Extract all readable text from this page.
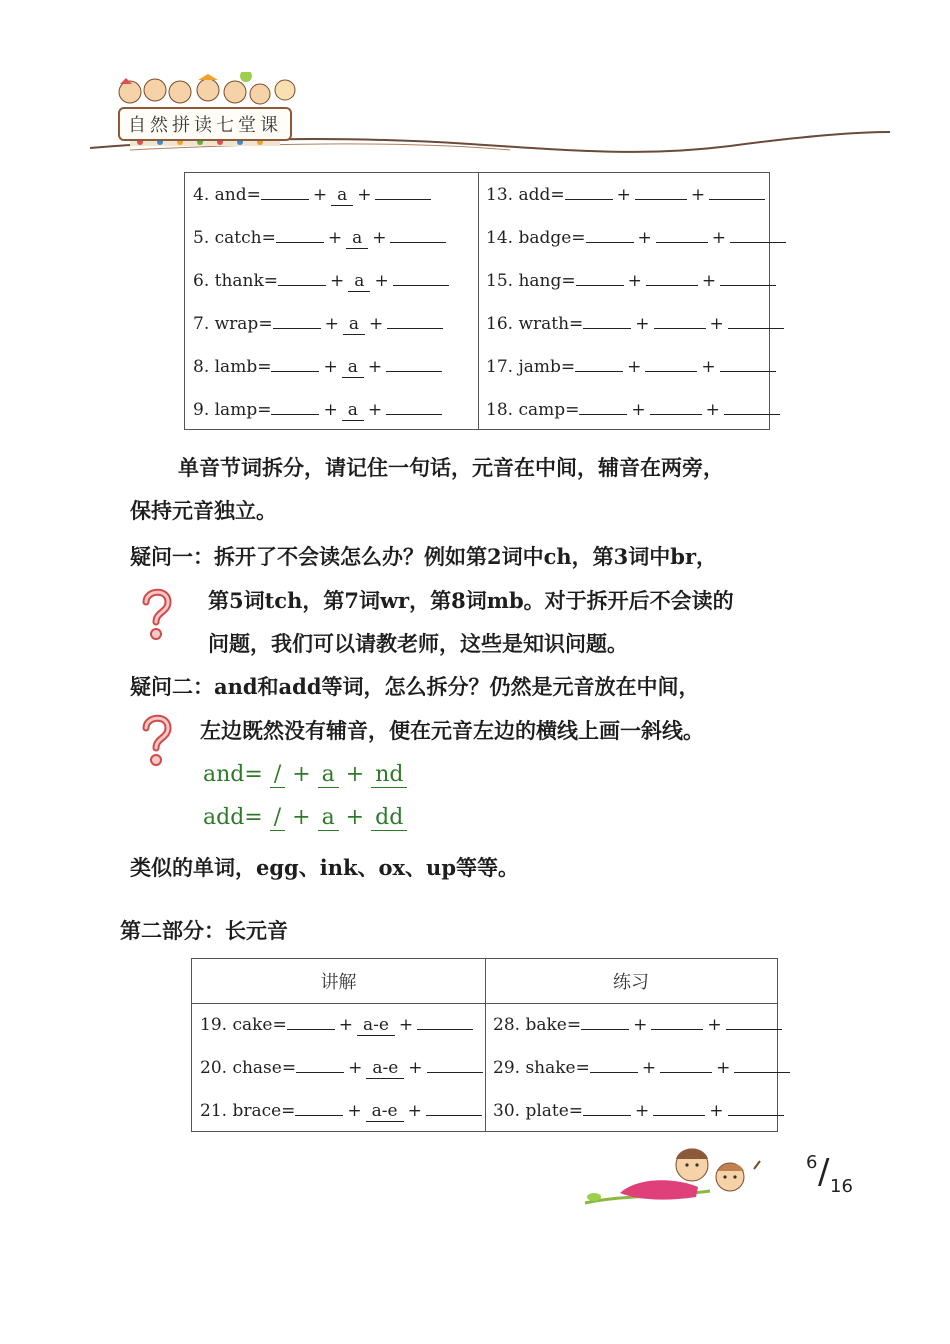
自然拼读七堂课
4. and=	+ a +
5. catch=	+ a +
6. thank=	+ a +
7. wrap=	+ a +
8. lamb=	+ a +
9. lamp=	+ a +
13. add=	+	+
14. badge=	+	+
15. hang=	+	+
16. wrath=	+	+
17. jamb=	+	+
18. camp=	+	+
单音节词拆分，请记住一句话，元音在中间，辅音在两旁，
保持元音独立。
疑问一：拆开了不会读怎么办？例如第2词中ch，第3词中br，
第5词tch，第7词wr，第8词mb。对于拆开后不会读的
问题，我们可以请教老师，这些是知识问题。
疑问二：and和add等词，怎么拆分？仍然是元音放在中间，
左边既然没有辅音，便在元音左边的横线上画一斜线。
and= / + a + nd
add= / + a + dd
类似的单词，egg、ink、ox、up等等。
第二部分：长元音
讲解	练习
19. cake=	+ a-e +
20. chase=	+ a-e +
21. brace=	+ a-e +
28. bake=	+	+
29. shake=	+	+
30. plate=	+	+
6 / 16
